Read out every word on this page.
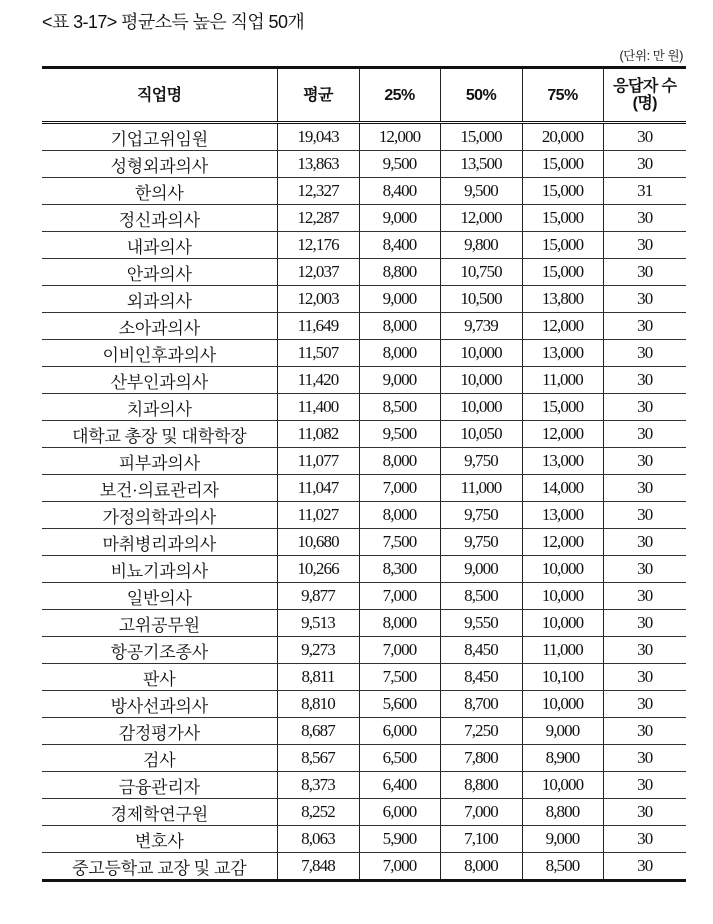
<표 3-17> 평균소득 높은 직업 50개
(단위: 만 원)
직업명	평균	25%	50%	75%	응답자 수
(명)
기업고위임원	19,043	12,000	15,000	20,000	30
성형외과의사	13,863	9,500	13,500	15,000	30
한의사	12,327	8,400	9,500	15,000	31
정신과의사	12,287	9,000	12,000	15,000	30
내과의사	12,176	8,400	9,800	15,000	30
안과의사	12,037	8,800	10,750	15,000	30
외과의사	12,003	9,000	10,500	13,800	30
소아과의사	11,649	8,000	9,739	12,000	30
이비인후과의사	11,507	8,000	10,000	13,000	30
산부인과의사	11,420	9,000	10,000	11,000	30
치과의사	11,400	8,500	10,000	15,000	30
대학교 총장 및 대학학장	11,082	9,500	10,050	12,000	30
피부과의사	11,077	8,000	9,750	13,000	30
보건·의료관리자	11,047	7,000	11,000	14,000	30
가정의학과의사	11,027	8,000	9,750	13,000	30
마취병리과의사	10,680	7,500	9,750	12,000	30
비뇨기과의사	10,266	8,300	9,000	10,000	30
일반의사	9,877	7,000	8,500	10,000	30
고위공무원	9,513	8,000	9,550	10,000	30
항공기조종사	9,273	7,000	8,450	11,000	30
판사	8,811	7,500	8,450	10,100	30
방사선과의사	8,810	5,600	8,700	10,000	30
감정평가사	8,687	6,000	7,250	9,000	30
검사	8,567	6,500	7,800	8,900	30
금융관리자	8,373	6,400	8,800	10,000	30
경제학연구원	8,252	6,000	7,000	8,800	30
변호사	8,063	5,900	7,100	9,000	30
중고등학교 교장 및 교감	7,848	7,000	8,000	8,500	30
